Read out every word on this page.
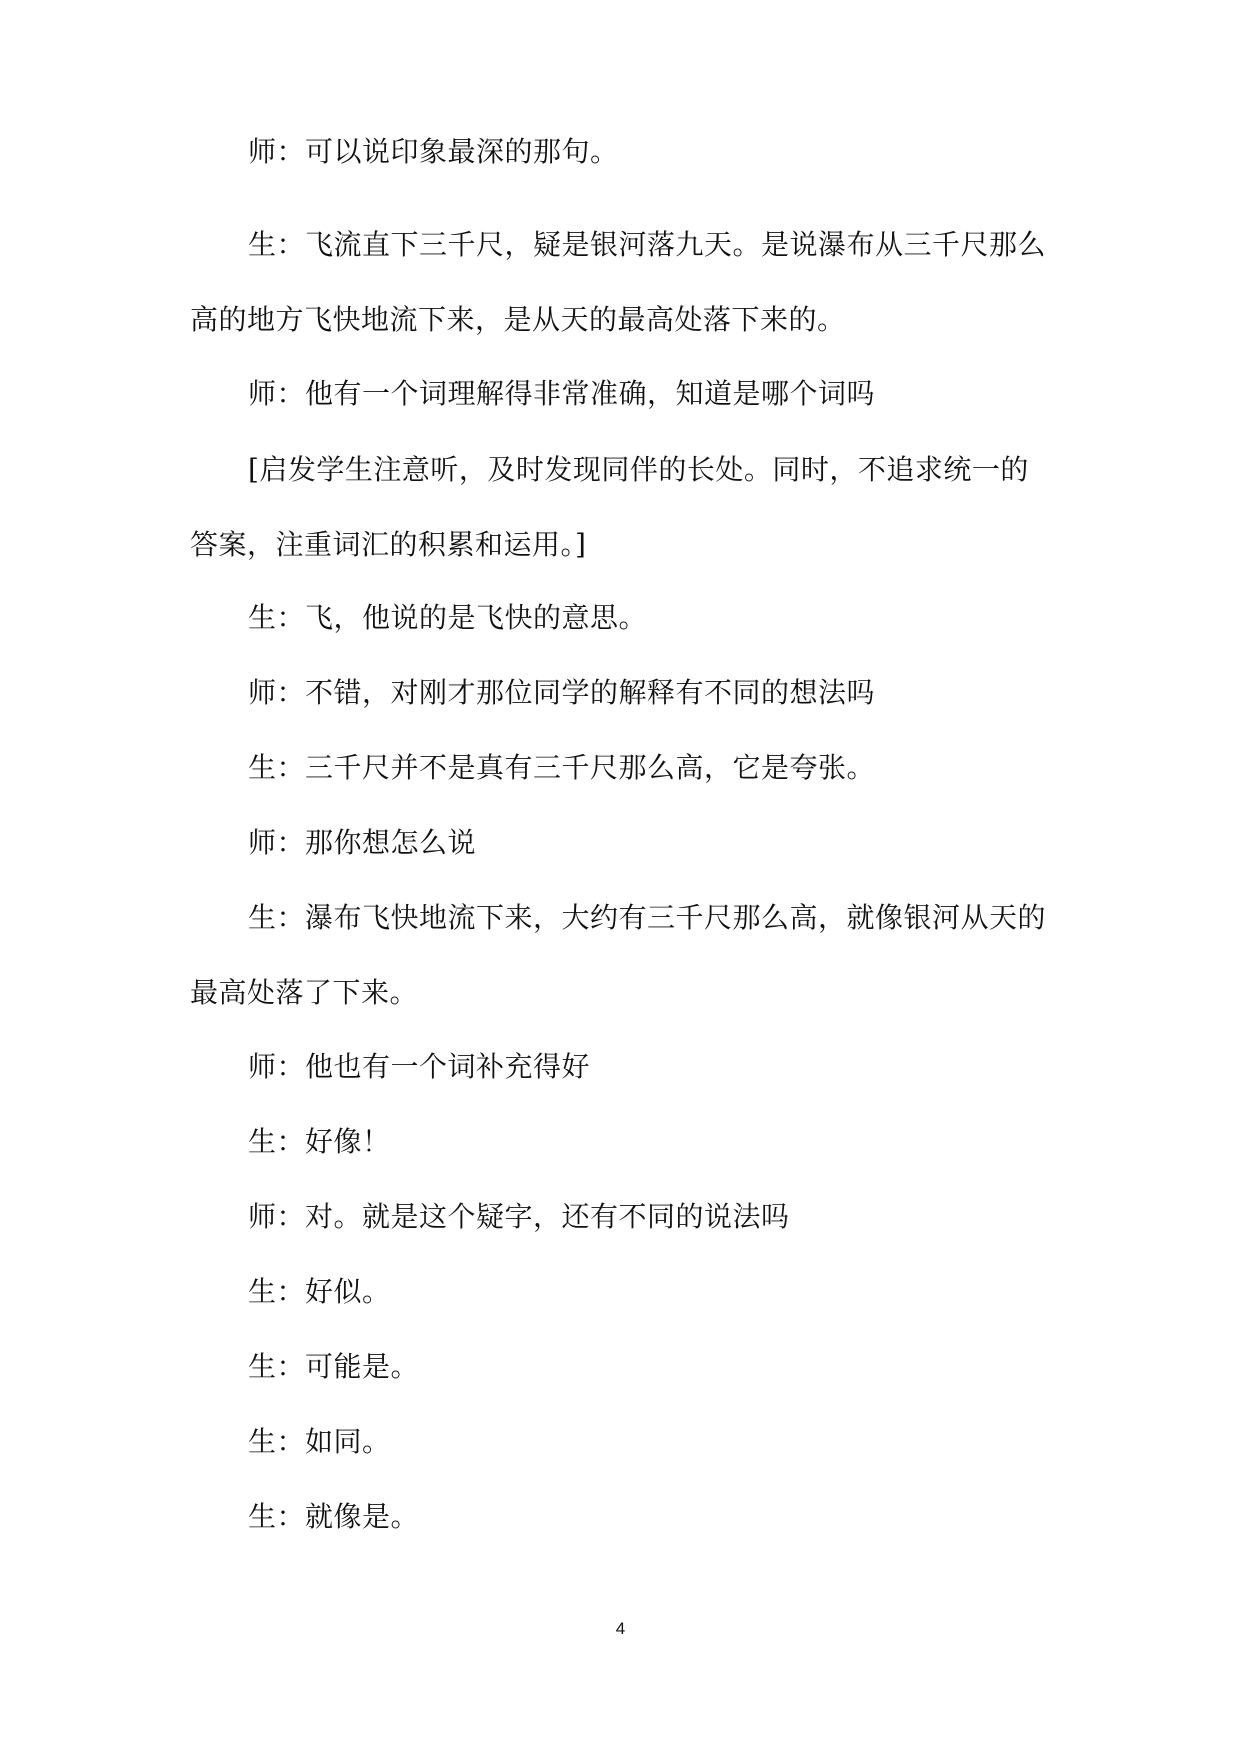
师：可以说印象最深的那句。
生：飞流直下三千尺，疑是银河落九天。是说瀑布从三千尺那么
高的地方飞快地流下来，是从天的最高处落下来的。
师：他有一个词理解得非常准确，知道是哪个词吗
[启发学生注意听，及时发现同伴的长处。同时，不追求统一的
答案，注重词汇的积累和运用。]
生：飞，他说的是飞快的意思。
师：不错，对刚才那位同学的解释有不同的想法吗
生：三千尺并不是真有三千尺那么高，它是夸张。
师：那你想怎么说
生：瀑布飞快地流下来，大约有三千尺那么高，就像银河从天的
最高处落了下来。
师：他也有一个词补充得好
生：好像！
师：对。就是这个疑字，还有不同的说法吗
生：好似。
生：可能是。
生：如同。
生：就像是。
4
